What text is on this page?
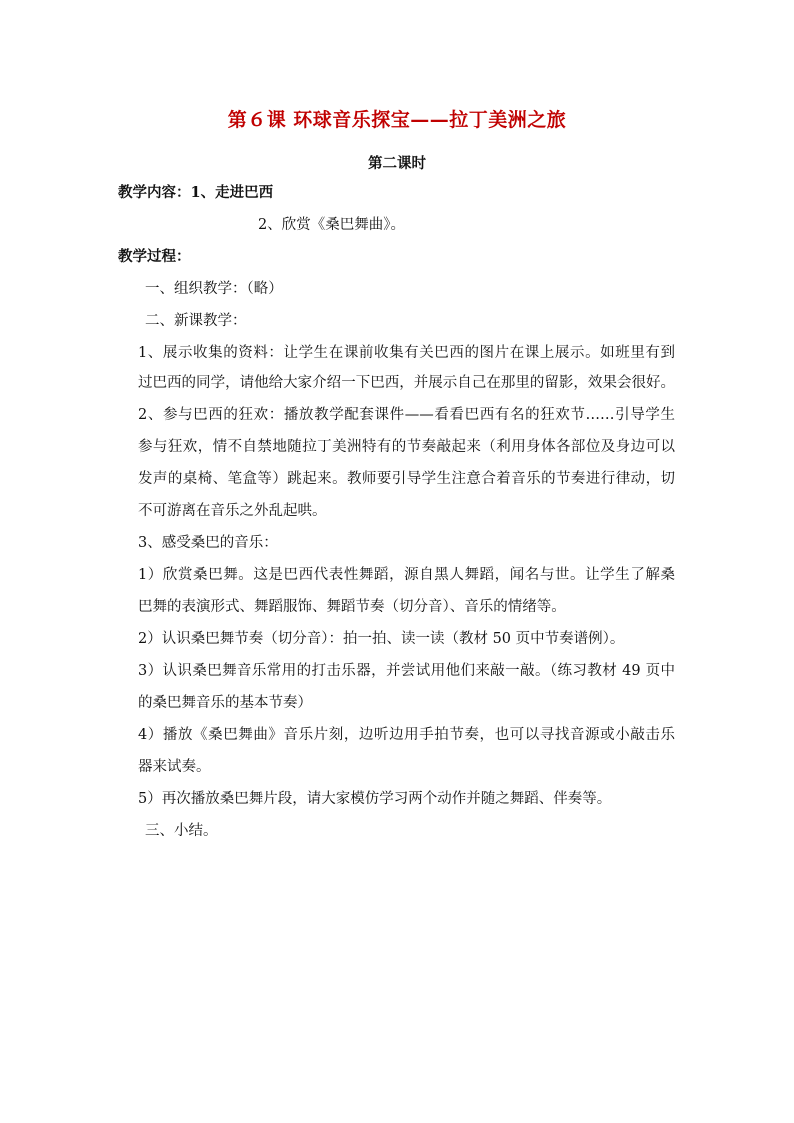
第６课 环球音乐探宝——拉丁美洲之旅
第二课时
教学内容：1、走进巴西
2、欣赏《桑巴舞曲》。
教学过程：
一、组织教学：（略）
二、新课教学：
1、展示收集的资料：让学生在课前收集有关巴西的图片在课上展示。如班里有到
过巴西的同学，请他给大家介绍一下巴西，并展示自己在那里的留影，效果会很好。
2、参与巴西的狂欢：播放教学配套课件——看看巴西有名的狂欢节……引导学生
参与狂欢，情不自禁地随拉丁美洲特有的节奏敲起来（利用身体各部位及身边可以
发声的桌椅、笔盒等）跳起来。教师要引导学生注意合着音乐的节奏进行律动，切
不可游离在音乐之外乱起哄。
3、感受桑巴的音乐：
1）欣赏桑巴舞。这是巴西代表性舞蹈，源自黑人舞蹈，闻名与世。让学生了解桑
巴舞的表演形式、舞蹈服饰、舞蹈节奏（切分音）、音乐的情绪等。
2）认识桑巴舞节奏（切分音）：拍一拍、读一读（教材 50 页中节奏谱例）。
3）认识桑巴舞音乐常用的打击乐器，并尝试用他们来敲一敲。（练习教材 49 页中
的桑巴舞音乐的基本节奏）
4）播放《桑巴舞曲》音乐片刻，边听边用手拍节奏，也可以寻找音源或小敲击乐
器来试奏。
5）再次播放桑巴舞片段，请大家模仿学习两个动作并随之舞蹈、伴奏等。
三、小结。
